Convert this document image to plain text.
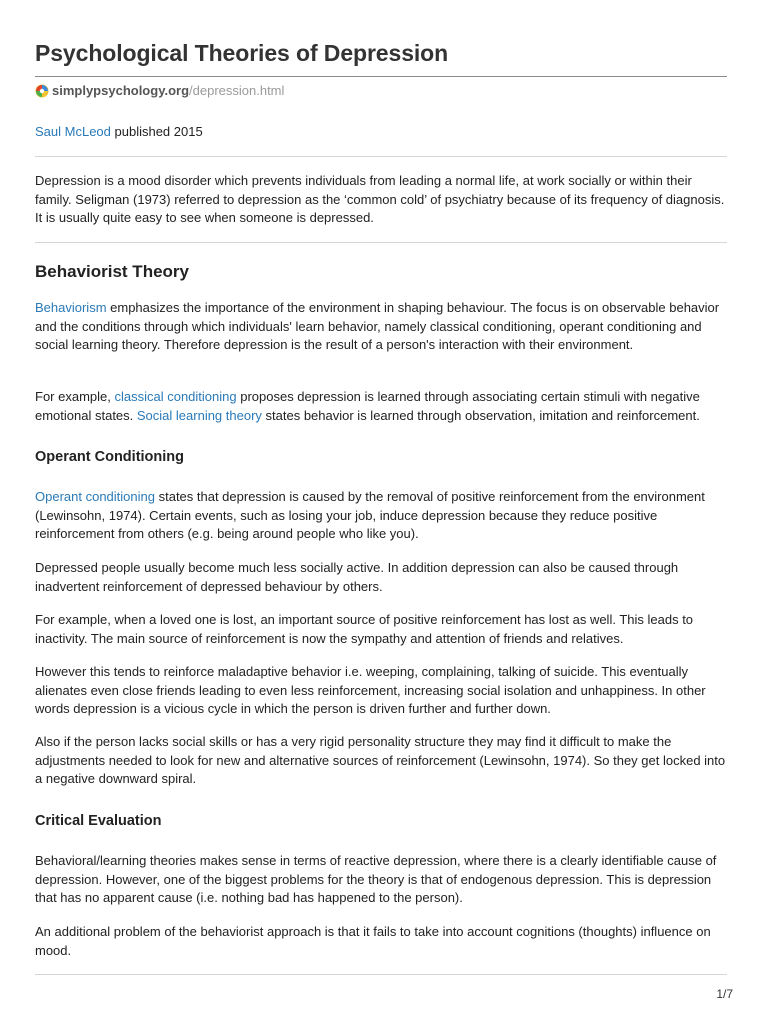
Psychological Theories of Depression
simplypsychology.org /depression.html
Saul McLeod published 2015

Depression is a mood disorder which prevents individuals from leading a normal life, at work socially or within their family. Seligman (1973) referred to depression as the ‘common cold’ of psychiatry because of its frequency of diagnosis. It is usually quite easy to see when someone is depressed.

Behaviorist Theory

Behaviorism emphasizes the importance of the environment in shaping behaviour. The focus is on observable behavior and the conditions through which individuals' learn behavior, namely classical conditioning, operant conditioning and social learning theory. Therefore depression is the result of a person's interaction with their environment.

For example, classical conditioning proposes depression is learned through associating certain stimuli with negative emotional states. Social learning theory states behavior is learned through observation, imitation and reinforcement.

Operant Conditioning

Operant conditioning states that depression is caused by the removal of positive reinforcement from the environment (Lewinsohn, 1974). Certain events, such as losing your job, induce depression because they reduce positive reinforcement from others (e.g. being around people who like you).

Depressed people usually become much less socially active. In addition depression can also be caused through inadvertent reinforcement of depressed behaviour by others.

For example, when a loved one is lost, an important source of positive reinforcement has lost as well. This leads to inactivity. The main source of reinforcement is now the sympathy and attention of friends and relatives.

However this tends to reinforce maladaptive behavior i.e. weeping, complaining, talking of suicide. This eventually alienates even close friends leading to even less reinforcement, increasing social isolation and unhappiness. In other words depression is a vicious cycle in which the person is driven further and further down.

Also if the person lacks social skills or has a very rigid personality structure they may find it difficult to make the adjustments needed to look for new and alternative sources of reinforcement (Lewinsohn, 1974). So they get locked into a negative downward spiral.

Critical Evaluation

Behavioral/learning theories makes sense in terms of reactive depression, where there is a clearly identifiable cause of depression. However, one of the biggest problems for the theory is that of endogenous depression. This is depression that has no apparent cause (i.e. nothing bad has happened to the person).

An additional problem of the behaviorist approach is that it fails to take into account cognitions (thoughts) influence on mood.

1/7
